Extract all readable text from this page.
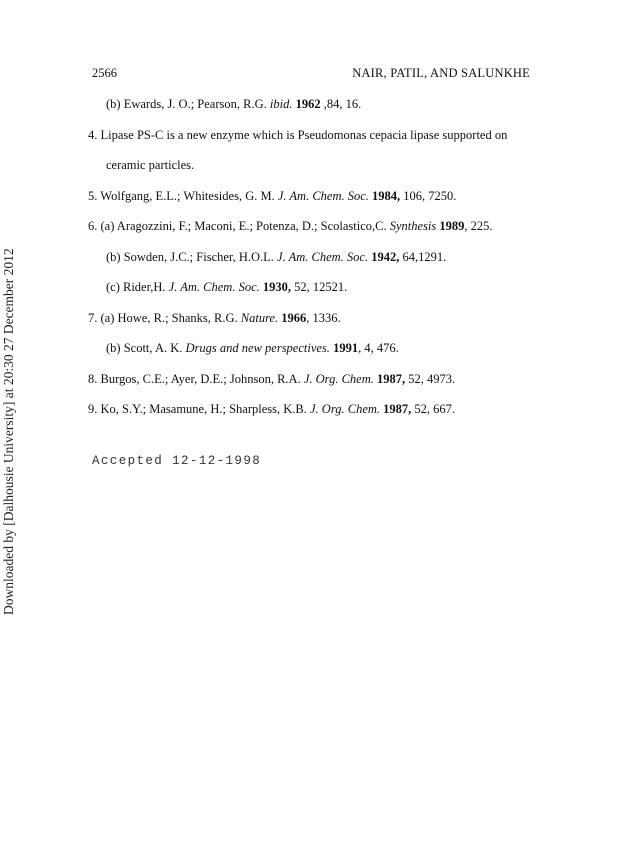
Downloaded by [Dalhousie University] at 20:30 27 December 2012
2566	NAIR, PATIL, AND SALUNKHE
(b) Ewards, J. O.; Pearson, R.G. ibid. 1962 ,84, 16.
4. Lipase PS-C is a new enzyme which is Pseudomonas cepacia lipase supported on
ceramic particles.
5. Wolfgang, E.L.; Whitesides, G. M. J. Am. Chem. Soc. 1984, 106, 7250.
6. (a) Aragozzini, F.; Maconi, E.; Potenza, D.; Scolastico,C. Synthesis 1989, 225.
(b) Sowden, J.C.; Fischer, H.O.L. J. Am. Chem. Soc. 1942, 64,1291.
(c) Rider,H. J. Am. Chem. Soc. 1930, 52, 12521.
7. (a) Howe, R.; Shanks, R.G. Nature. 1966, 1336.
(b) Scott, A. K. Drugs and new perspectives. 1991, 4, 476.
8. Burgos, C.E.; Ayer, D.E.; Johnson, R.A. J. Org. Chem. 1987, 52, 4973.
9. Ko, S.Y.; Masamune, H.; Sharpless, K.B. J. Org. Chem. 1987, 52, 667.
Accepted 12-12-1998
